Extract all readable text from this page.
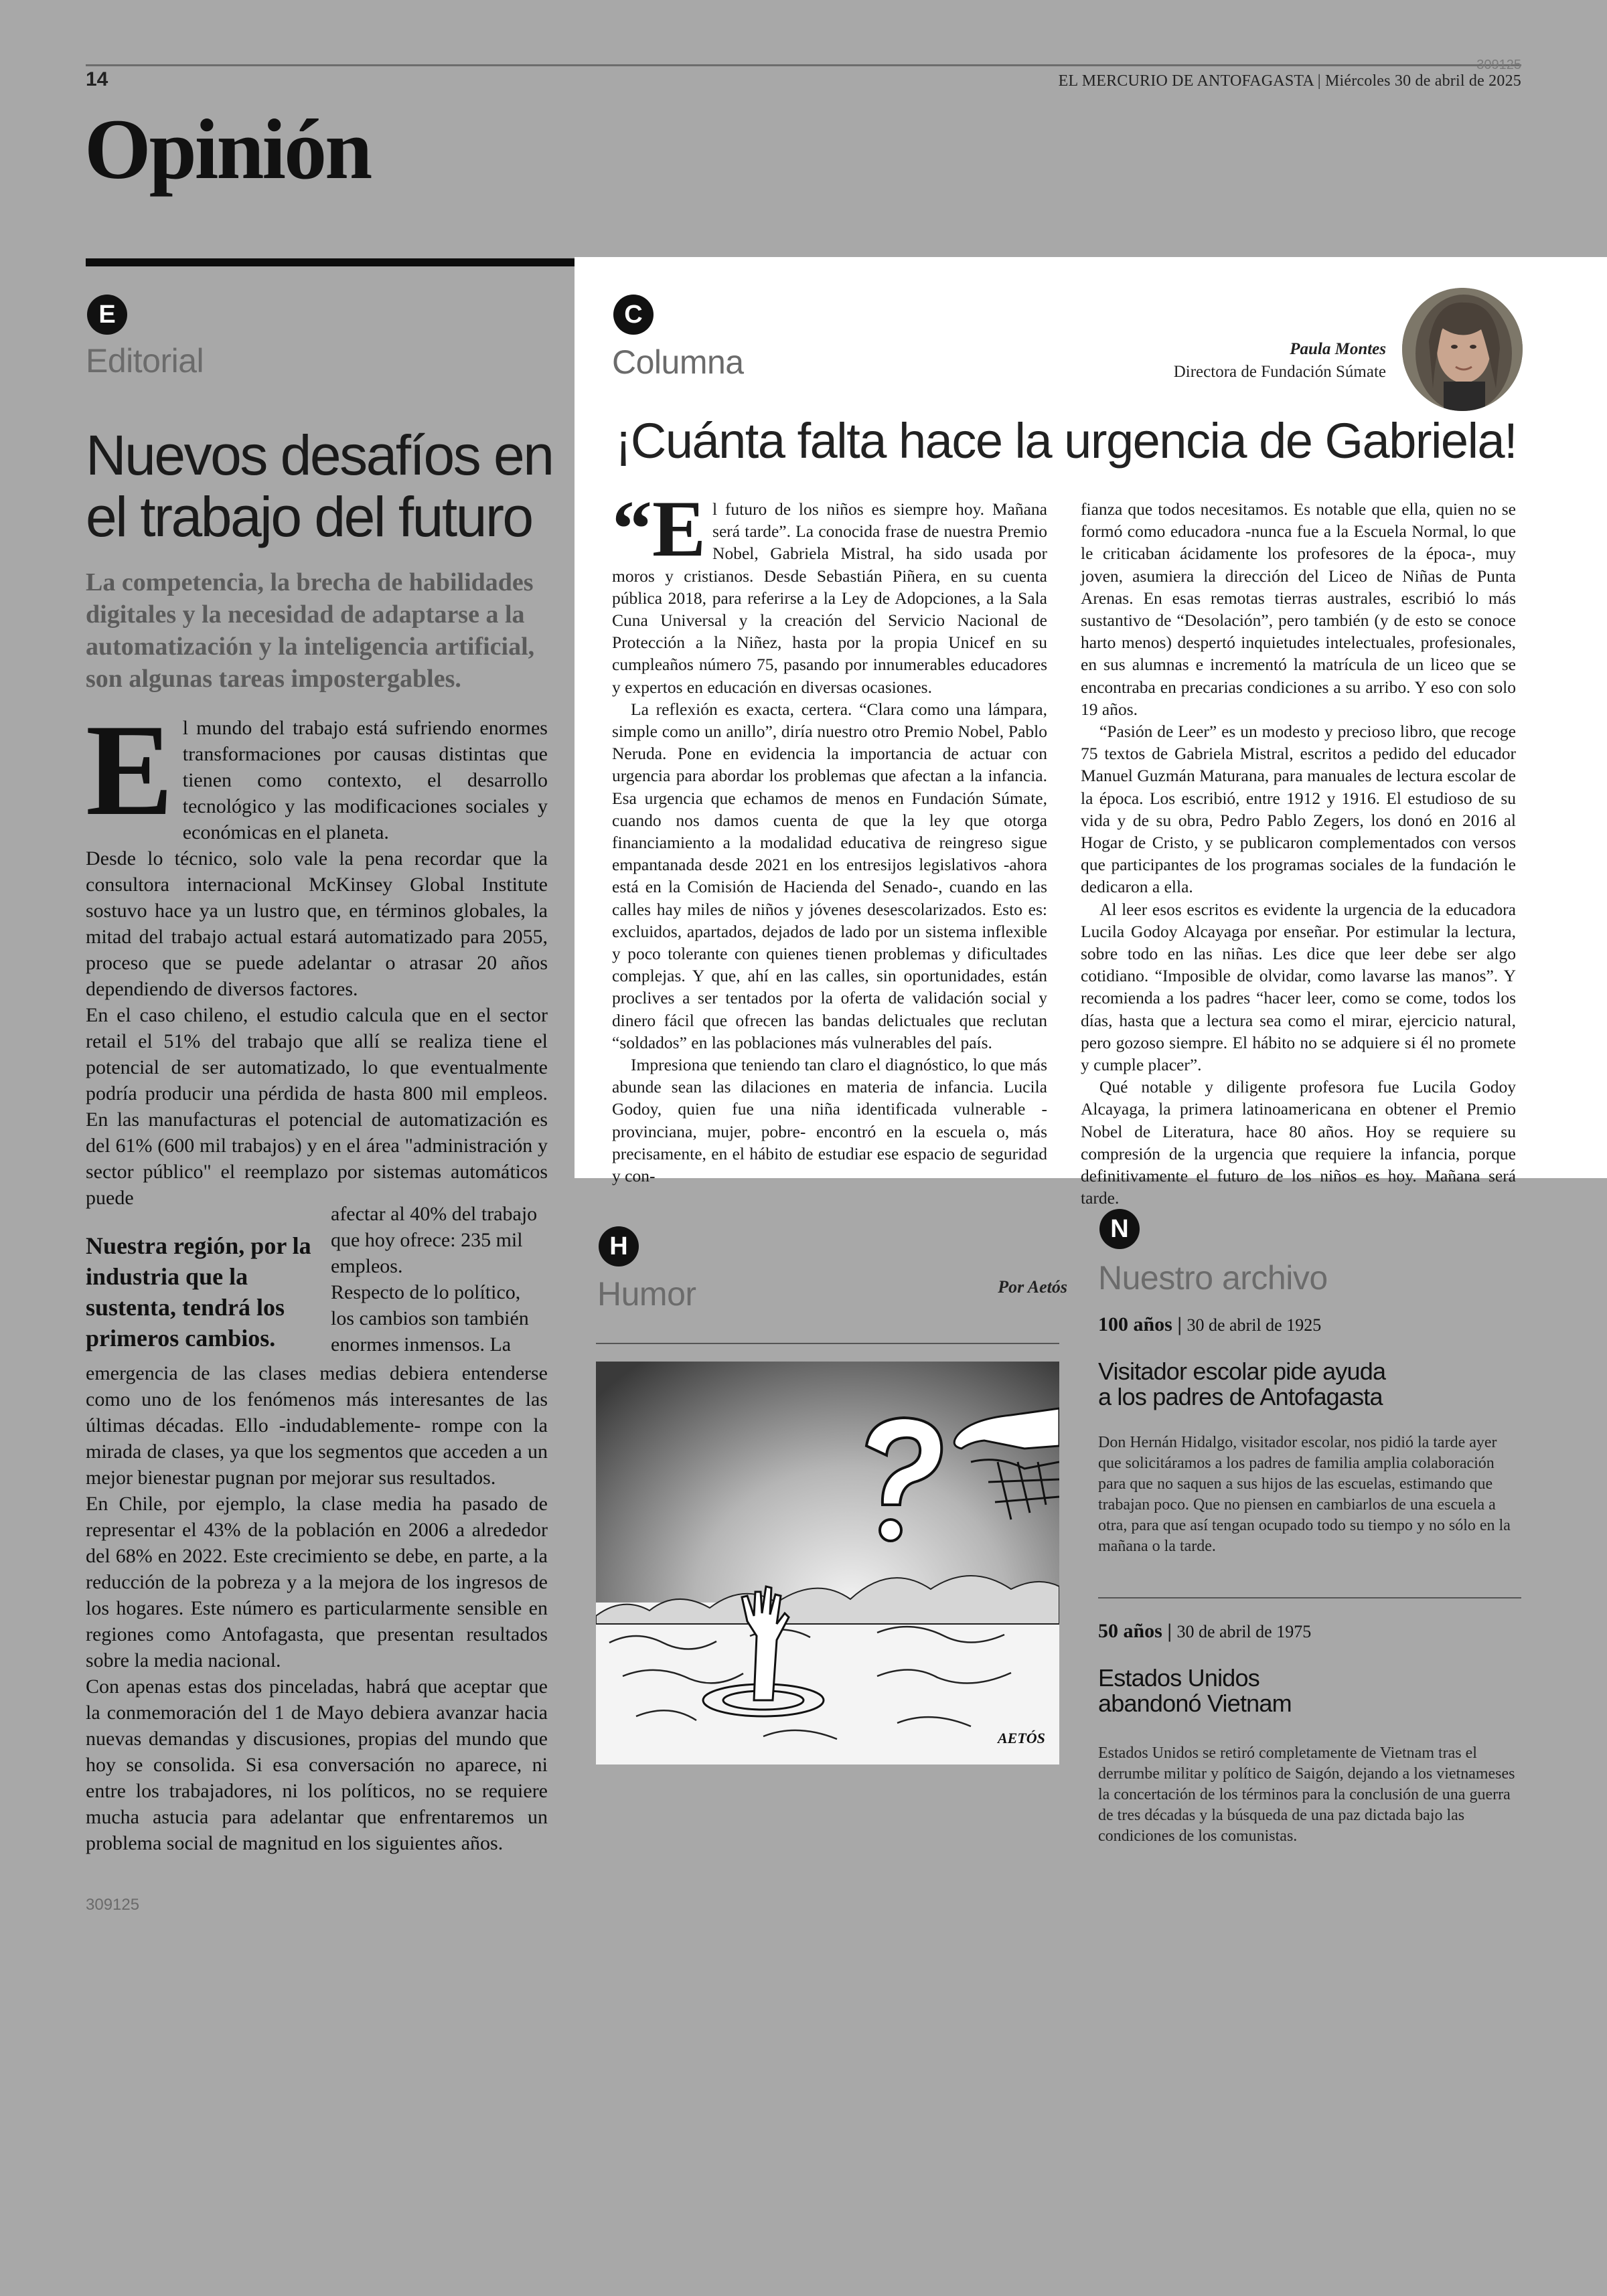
309125
14	EL MERCURIO DE ANTOFAGASTA | Miércoles 30 de abril de 2025
Opinión
E
Editorial
Nuevos desafíos en
el trabajo del futuro
La competencia, la brecha de habilidades digitales y la necesidad de adaptarse a la automatización y la inteligencia artificial, son algunas tareas impostergables.

El mundo del trabajo está sufriendo enormes transformaciones por causas distintas que tienen como contexto, el desarrollo tecnológico y las modificaciones sociales y económicas en el planeta.

Desde lo técnico, solo vale la pena recordar que la consultora internacional McKinsey Global Institute sostuvo hace ya un lustro que, en términos globales, la mitad del trabajo actual estará automatizado para 2055, proceso que se puede adelantar o atrasar 20 años dependiendo de diversos factores.

En el caso chileno, el estudio calcula que en el sector retail el 51% del trabajo que allí se realiza tiene el potencial de ser automatizado, lo que eventualmente podría producir una pérdida de hasta 800 mil empleos. En las manufacturas el potencial de automatización es del 61% (600 mil trabajos) y en el área "administración y sector público" el reemplazo por sistemas automáticos puede

Nuestra región, por la industria que la sustenta, tendrá los primeros cambios.

afectar al 40% del trabajo que hoy ofrece: 235 mil empleos.

Respecto de lo político, los cambios son también enormes inmensos. La

emergencia de las clases medias debiera entenderse como uno de los fenómenos más interesantes de las últimas décadas. Ello -indudablemente- rompe con la mirada de clases, ya que los segmentos que acceden a un mejor bienestar pugnan por mejorar sus resultados.

En Chile, por ejemplo, la clase media ha pasado de representar el 43% de la población en 2006 a alrededor del 68% en 2022. Este crecimiento se debe, en parte, a la reducción de la pobreza y a la mejora de los ingresos de los hogares. Este número es particularmente sensible en regiones como Antofagasta, que presentan resultados sobre la media nacional.

Con apenas estas dos pinceladas, habrá que aceptar que la conmemoración del 1 de Mayo debiera avanzar hacia nuevas demandas y discusiones, propias del mundo que hoy se consolida. Si esa conversación no aparece, ni entre los trabajadores, ni los políticos, no se requiere mucha astucia para adelantar que enfrentaremos un problema social de magnitud en los siguientes años.

309125
C
Columna	Paula Montes
Directora de Fundación Súmate
¡Cuánta falta hace la urgencia de Gabriela!

“El futuro de los niños es siempre hoy. Mañana será tarde”. La conocida frase de nuestra Premio Nobel, Gabriela Mistral, ha sido usada por moros y cristianos. Desde Sebastián Piñera, en su cuenta pública 2018, para referirse a la Ley de Adopciones, a la Sala Cuna Universal y la creación del Servicio Nacional de Protección a la Niñez, hasta por la propia Unicef en su cumpleaños número 75, pasando por innumerables educadores y expertos en educación en diversas ocasiones.

La reflexión es exacta, certera. “Clara como una lámpara, simple como un anillo”, diría nuestro otro Premio Nobel, Pablo Neruda. Pone en evidencia la importancia de actuar con urgencia para abordar los problemas que afectan a la infancia. Esa urgencia que echamos de menos en Fundación Súmate, cuando nos damos cuenta de que la ley que otorga financiamiento a la modalidad educativa de reingreso sigue empantanada desde 2021 en los entresijos legislativos -ahora está en la Comisión de Hacienda del Senado-, cuando en las calles hay miles de niños y jóvenes desescolarizados. Esto es: excluidos, apartados, dejados de lado por un sistema inflexible y poco tolerante con quienes tienen problemas y dificultades complejas. Y que, ahí en las calles, sin oportunidades, están proclives a ser tentados por la oferta de validación social y dinero fácil que ofrecen las bandas delictuales que reclutan “soldados” en las poblaciones más vulnerables del país.

Impresiona que teniendo tan claro el diagnóstico, lo que más abunde sean las dilaciones en materia de infancia. Lucila Godoy, quien fue una niña identificada vulnerable -provinciana, mujer, pobre- encontró en la escuela o, más precisamente, en el hábito de estudiar ese espacio de seguridad y con-

fianza que todos necesitamos. Es notable que ella, quien no se formó como educadora -nunca fue a la Escuela Normal, lo que le criticaban ácidamente los profesores de la época-, muy joven, asumiera la dirección del Liceo de Niñas de Punta Arenas. En esas remotas tierras australes, escribió lo más sustantivo de “Desolación”, pero también (y de esto se conoce harto menos) despertó inquietudes intelectuales, profesionales, en sus alumnas e incrementó la matrícula de un liceo que se encontraba en precarias condiciones a su arribo. Y eso con solo 19 años.

“Pasión de Leer” es un modesto y precioso libro, que recoge 75 textos de Gabriela Mistral, escritos a pedido del educador Manuel Guzmán Maturana, para manuales de lectura escolar de la época. Los escribió, entre 1912 y 1916. El estudioso de su vida y de su obra, Pedro Pablo Zegers, los donó en 2016 al Hogar de Cristo, y se publicaron complementados con versos que participantes de los programas sociales de la fundación le dedicaron a ella.

Al leer esos escritos es evidente la urgencia de la educadora Lucila Godoy Alcayaga por enseñar. Por estimular la lectura, sobre todo en las niñas. Les dice que leer debe ser algo cotidiano. “Imposible de olvidar, como lavarse las manos”. Y recomienda a los padres “hacer leer, como se come, todos los días, hasta que a lectura sea como el mirar, ejercicio natural, pero gozoso siempre. El hábito no se adquiere si él no promete y cumple placer”.

Qué notable y diligente profesora fue Lucila Godoy Alcayaga, la primera latinoamericana en obtener el Premio Nobel de Literatura, hace 80 años. Hoy se requiere su compresión de la urgencia que requiere la infancia, porque definitivamente el futuro de los niños es hoy. Mañana será tarde.

H
Humor	Por Aetós
AETÓS
N
Nuestro archivo
100 años | 30 de abril de 1925
Visitador escolar pide ayuda
a los padres de Antofagasta
Don Hernán Hidalgo, visitador escolar, nos pidió la tarde ayer que solicitáramos a los padres de familia amplia colaboración para que no saquen a sus hijos de las escuelas, estimando que trabajan poco. Que no piensen en cambiarlos de una escuela a otra, para que así tengan ocupado todo su tiempo y no sólo en la mañana o la tarde.
50 años | 30 de abril de 1975
Estados Unidos
abandonó Vietnam
Estados Unidos se retiró completamente de Vietnam tras el derrumbe militar y político de Saigón, dejando a los vietnameses la concertación de los términos para la conclusión de una guerra de tres décadas y la búsqueda de una paz dictada bajo las condiciones de los comunistas.
